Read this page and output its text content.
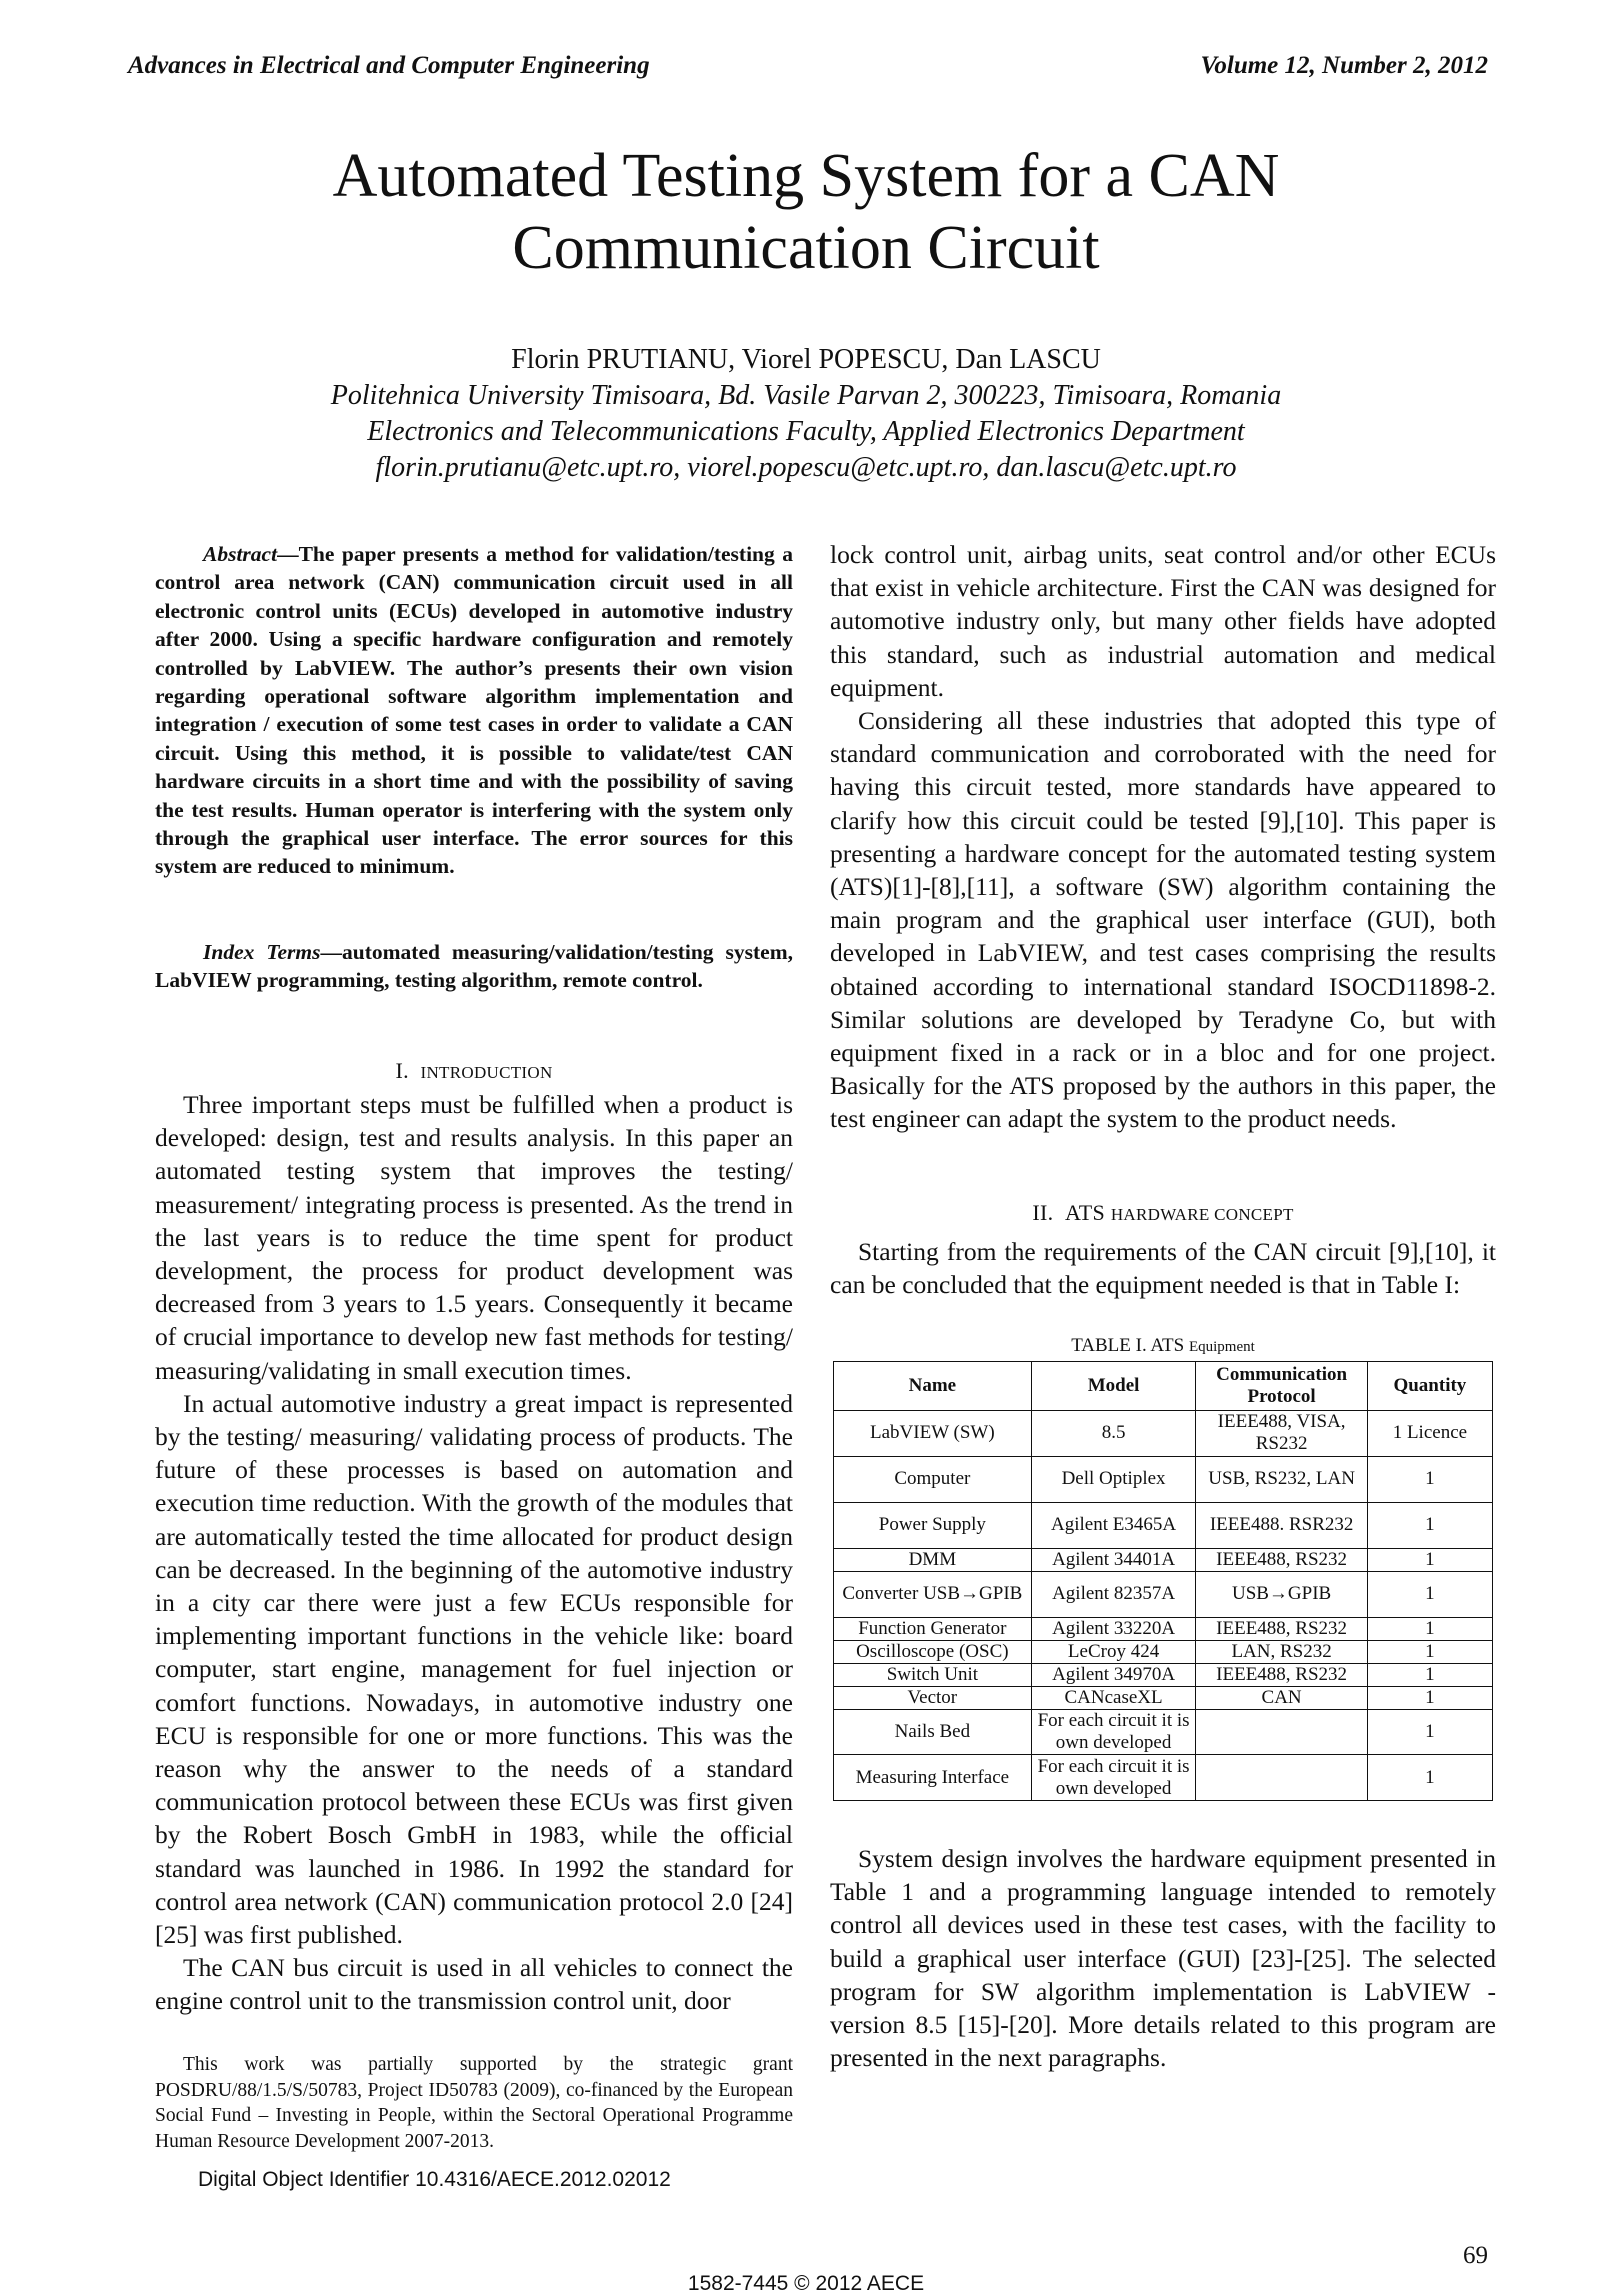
Advances in Electrical and Computer Engineering	Volume 12, Number 2, 2012
Automated Testing System for a CAN
Communication Circuit
Florin PRUTIANU, Viorel POPESCU, Dan LASCU
Politehnica University Timisoara, Bd. Vasile Parvan 2, 300223, Timisoara, Romania
Electronics and Telecommunications Faculty, Applied Electronics Department
florin.prutianu@etc.upt.ro, viorel.popescu@etc.upt.ro, dan.lascu@etc.upt.ro
Abstract—The paper presents a method for validation/testing a control area network (CAN) communication circuit used in all electronic control units (ECUs) developed in automotive industry after 2000. Using a specific hardware configuration and remotely controlled by LabVIEW. The author’s presents their own vision regarding operational software algorithm implementation and integration / execution of some test cases in order to validate a CAN circuit. Using this method, it is possible to validate/test CAN hardware circuits in a short time and with the possibility of saving the test results. Human operator is interfering with the system only through the graphical user interface. The error sources for this system are reduced to minimum.
Index Terms—automated measuring/validation/testing system, LabVIEW programming, testing algorithm, remote control.
I. INTRODUCTION

Three important steps must be fulfilled when a product is developed: design, test and results analysis. In this paper an automated testing system that improves the testing/ measurement/ integrating process is presented. As the trend in the last years is to reduce the time spent for product development, the process for product development was decreased from 3 years to 1.5 years. Consequently it became of crucial importance to develop new fast methods for testing/ measuring/validating in small execution times.

In actual automotive industry a great impact is represented by the testing/ measuring/ validating process of products. The future of these processes is based on automation and execution time reduction. With the growth of the modules that are automatically tested the time allocated for product design can be decreased. In the beginning of the automotive industry in a city car there were just a few ECUs responsible for implementing important functions in the vehicle like: board computer, start engine, management for fuel injection or comfort functions. Nowadays, in automotive industry one ECU is responsible for one or more functions. This was the reason why the answer to the needs of a standard communication protocol between these ECUs was first given by the Robert Bosch GmbH in 1983, while the official standard was launched in 1986. In 1992 the standard for control area network (CAN) communication protocol 2.0 [24][25] was first published.

The CAN bus circuit is used in all vehicles to connect the engine control unit to the transmission control unit, door

This work was partially supported by the strategic grant POSDRU/88/1.5/S/50783, Project ID50783 (2009), co-financed by the European Social Fund – Investing in People, within the Sectoral Operational Programme Human Resource Development 2007-2013.
Digital Object Identifier 10.4316/AECE.2012.02012

lock control unit, airbag units, seat control and/or other ECUs that exist in vehicle architecture. First the CAN was designed for automotive industry only, but many other fields have adopted this standard, such as industrial automation and medical equipment.

Considering all these industries that adopted this type of standard communication and corroborated with the need for having this circuit tested, more standards have appeared to clarify how this circuit could be tested [9],[10]. This paper is presenting a hardware concept for the automated testing system (ATS)[1]-[8],[11], a software (SW) algorithm containing the main program and the graphical user interface (GUI), both developed in LabVIEW, and test cases comprising the results obtained according to international standard ISOCD11898-2. Similar solutions are developed by Teradyne Co, but with equipment fixed in a rack or in a bloc and for one project. Basically for the ATS proposed by the authors in this paper, the test engineer can adapt the system to the product needs.

II. ATS HARDWARE CONCEPT

Starting from the requirements of the CAN circuit [9],[10], it can be concluded that the equipment needed is that in Table I:

TABLE I. ATS Equipment
Name	Model	Communication Protocol	Quantity
LabVIEW (SW)	8.5	IEEE488, VISA, RS232	1 Licence
Computer	Dell Optiplex	USB, RS232, LAN	1
Power Supply	Agilent E3465A	IEEE488. RSR232	1
DMM	Agilent 34401A	IEEE488, RS232	1
Converter USB→GPIB	Agilent 82357A	USB→GPIB	1
Function Generator	Agilent 33220A	IEEE488, RS232	1
Oscilloscope (OSC)	LeCroy 424	LAN, RS232	1
Switch Unit	Agilent 34970A	IEEE488, RS232	1
Vector	CANcaseXL	CAN	1
Nails Bed	For each circuit it is own developed		1
Measuring Interface	For each circuit it is own developed		1

System design involves the hardware equipment presented in Table 1 and a programming language intended to remotely control all devices used in these test cases, with the facility to build a graphical user interface (GUI) [23]-[25]. The selected program for SW algorithm implementation is LabVIEW - version 8.5 [15]-[20]. More details related to this program are presented in the next paragraphs.

69
1582-7445 © 2012 AECE
